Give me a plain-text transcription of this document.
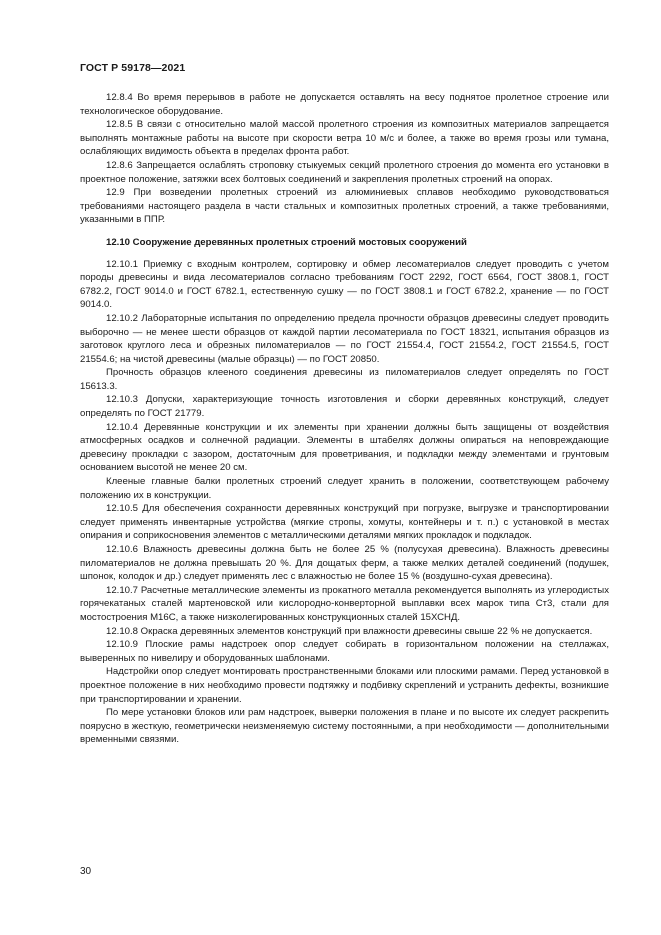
ГОСТ Р 59178—2021

12.8.4 Во время перерывов в работе не допускается оставлять на весу поднятое пролетное строение или технологическое оборудование.

12.8.5 В связи с относительно малой массой пролетного строения из композитных материалов запрещается выполнять монтажные работы на высоте при скорости ветра 10 м/с и более, а также во время грозы или тумана, ослабляющих видимость объекта в пределах фронта работ.

12.8.6 Запрещается ослаблять строповку стыкуемых секций пролетного строения до момента его установки в проектное положение, затяжки всех болтовых соединений и закрепления пролетных строений на опорах.

12.9 При возведении пролетных строений из алюминиевых сплавов необходимо руководствоваться требованиями настоящего раздела в части стальных и композитных пролетных строений, а также требованиями, указанными в ППР.

12.10 Сооружение деревянных пролетных строений мостовых сооружений

12.10.1 Приемку с входным контролем, сортировку и обмер лесоматериалов следует проводить с учетом породы древесины и вида лесоматериалов согласно требованиям ГОСТ 2292, ГОСТ 6564, ГОСТ 3808.1, ГОСТ 6782.2, ГОСТ 9014.0 и ГОСТ 6782.1, естественную сушку — по ГОСТ 3808.1 и ГОСТ 6782.2, хранение — по ГОСТ 9014.0.

12.10.2 Лабораторные испытания по определению предела прочности образцов древесины следует проводить выборочно — не менее шести образцов от каждой партии лесоматериала по ГОСТ 18321, испытания образцов из заготовок круглого леса и обрезных пиломатериалов — по ГОСТ 21554.4, ГОСТ 21554.2, ГОСТ 21554.5, ГОСТ 21554.6; на чистой древесины (малые образцы) — по ГОСТ 20850.

Прочность образцов клееного соединения древесины из пиломатериалов следует определять по ГОСТ 15613.3.

12.10.3 Допуски, характеризующие точность изготовления и сборки деревянных конструкций, следует определять по ГОСТ 21779.

12.10.4 Деревянные конструкции и их элементы при хранении должны быть защищены от воздействия атмосферных осадков и солнечной радиации. Элементы в штабелях должны опираться на неповреждающие древесину прокладки с зазором, достаточным для проветривания, и подкладки между элементами и грунтовым основанием высотой не менее 20 см.

Клееные главные балки пролетных строений следует хранить в положении, соответствующем рабочему положению их в конструкции.

12.10.5 Для обеспечения сохранности деревянных конструкций при погрузке, выгрузке и транспортировании следует применять инвентарные устройства (мягкие стропы, хомуты, контейнеры и т. п.) с установкой в местах опирания и соприкосновения элементов с металлическими деталями мягких прокладок и подкладок.

12.10.6 Влажность древесины должна быть не более 25 % (полусухая древесина). Влажность древесины пиломатериалов не должна превышать 20 %. Для дощатых ферм, а также мелких деталей соединений (подушек, шпонок, колодок и др.) следует применять лес с влажностью не более 15 % (воздушно-сухая древесина).

12.10.7 Расчетные металлические элементы из прокатного металла рекомендуется выполнять из углеродистых горячекатаных сталей мартеновской или кислородно-конверторной выплавки всех марок типа Ст3, стали для мостостроения М16С, а также низколегированных конструкционных сталей 15ХСНД.

12.10.8 Окраска деревянных элементов конструкций при влажности древесины свыше 22 % не допускается.

12.10.9 Плоские рамы надстроек опор следует собирать в горизонтальном положении на стеллажах, выверенных по нивелиру и оборудованных шаблонами.

Надстройки опор следует монтировать пространственными блоками или плоскими рамами. Перед установкой в проектное положение в них необходимо провести подтяжку и подбивку скреплений и устранить дефекты, возникшие при транспортировании и хранении.

По мере установки блоков или рам надстроек, выверки положения в плане и по высоте их следует раскрепить поярусно в жесткую, геометрически неизменяемую систему постоянными, а при необходимости — дополнительными временными связями.

30
